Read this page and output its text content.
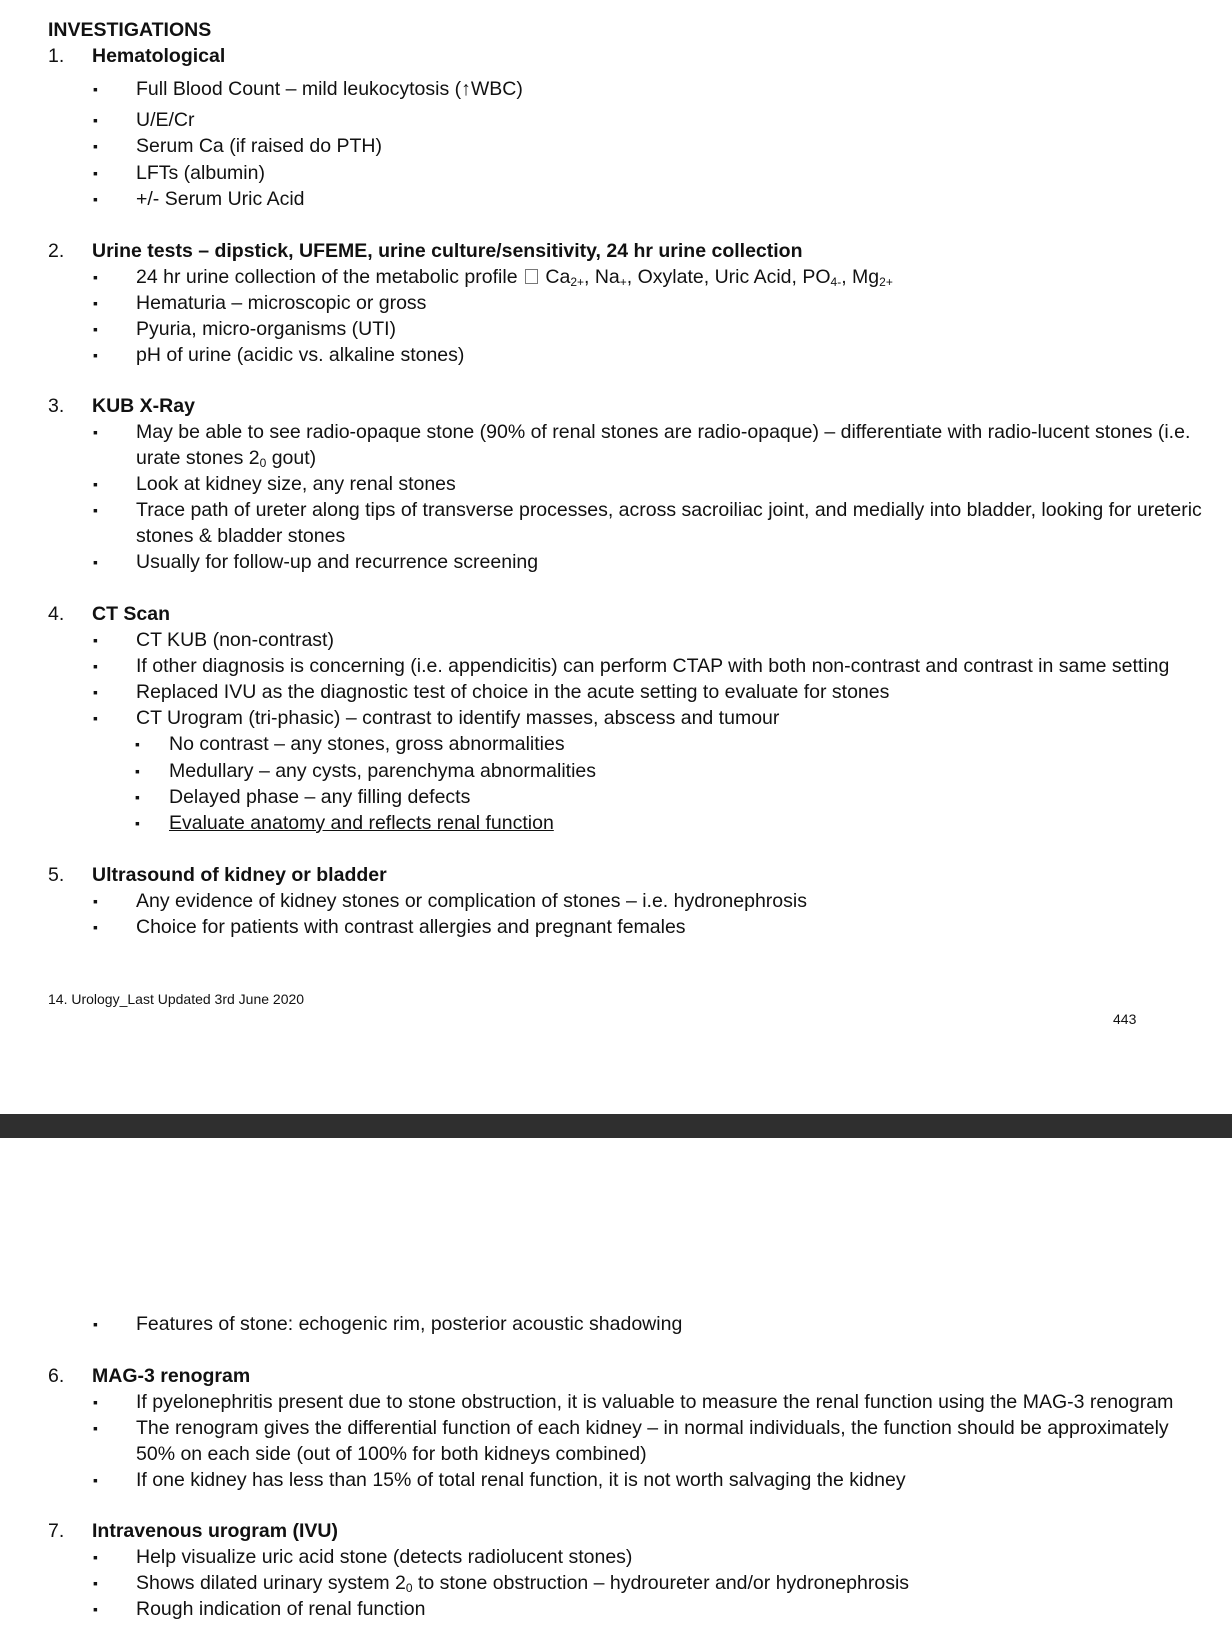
INVESTIGATIONS
1. Hematological
▪ Full Blood Count – mild leukocytosis (↑WBC)
▪ U/E/Cr
▪ Serum Ca (if raised do PTH)
▪ LFTs (albumin)
▪ +/- Serum Uric Acid
2. Urine tests – dipstick, UFEME, urine culture/sensitivity, 24 hr urine collection
▪ 24 hr urine collection of the metabolic profile Ca2+, Na+, Oxylate, Uric Acid, PO4-, Mg2+
▪ Hematuria – microscopic or gross
▪ Pyuria, micro-organisms (UTI)
▪ pH of urine (acidic vs. alkaline stones)
3. KUB X-Ray
▪ May be able to see radio-opaque stone (90% of renal stones are radio-opaque) – differentiate with radio-lucent stones (i.e.
urate stones 20 gout)
▪ Look at kidney size, any renal stones
▪ Trace path of ureter along tips of transverse processes, across sacroiliac joint, and medially into bladder, looking for ureteric
stones & bladder stones
▪ Usually for follow-up and recurrence screening
4. CT Scan
▪ CT KUB (non-contrast)
▪ If other diagnosis is concerning (i.e. appendicitis) can perform CTAP with both non-contrast and contrast in same setting
▪ Replaced IVU as the diagnostic test of choice in the acute setting to evaluate for stones
▪ CT Urogram (tri-phasic) – contrast to identify masses, abscess and tumour
▪ No contrast – any stones, gross abnormalities
▪ Medullary – any cysts, parenchyma abnormalities
▪ Delayed phase – any filling defects
▪ Evaluate anatomy and reflects renal function
5. Ultrasound of kidney or bladder
▪ Any evidence of kidney stones or complication of stones – i.e. hydronephrosis
▪ Choice for patients with contrast allergies and pregnant females
14. Urology_Last Updated 3rd June 2020
443
▪ Features of stone: echogenic rim, posterior acoustic shadowing
6. MAG-3 renogram
▪ If pyelonephritis present due to stone obstruction, it is valuable to measure the renal function using the MAG-3 renogram
▪ The renogram gives the differential function of each kidney – in normal individuals, the function should be approximately
50% on each side (out of 100% for both kidneys combined)
▪ If one kidney has less than 15% of total renal function, it is not worth salvaging the kidney
7. Intravenous urogram (IVU)
▪ Help visualize uric acid stone (detects radiolucent stones)
▪ Shows dilated urinary system 20 to stone obstruction – hydroureter and/or hydronephrosis
▪ Rough indication of renal function
